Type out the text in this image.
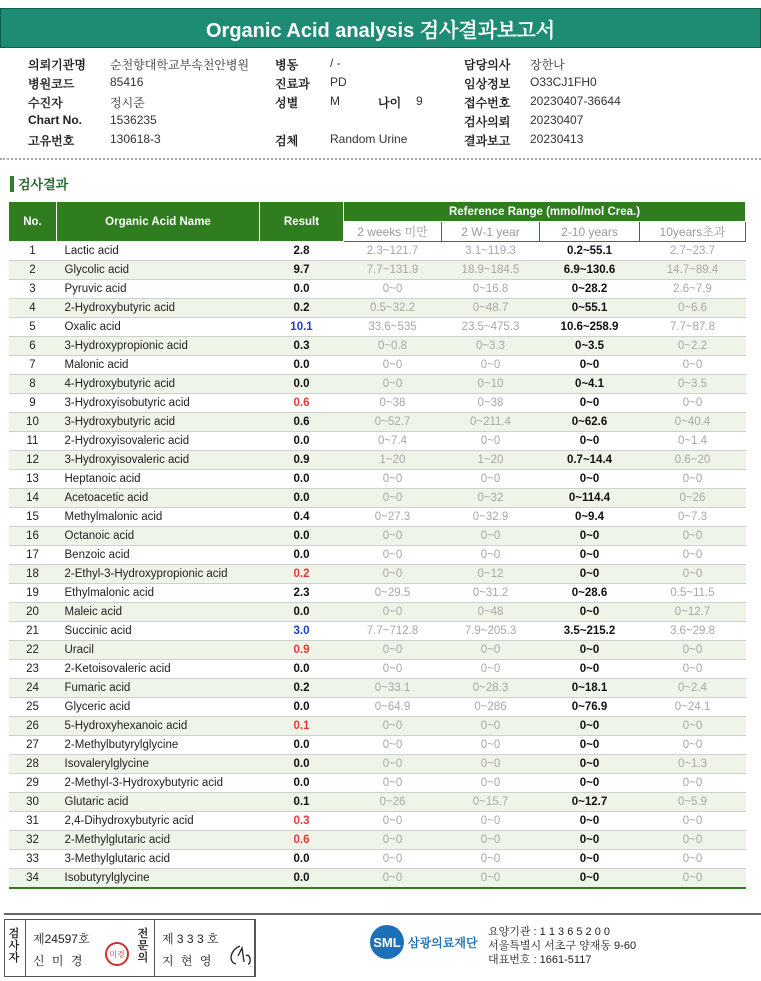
Organic Acid analysis 검사결과보고서
의뢰기관명 순천향대학교부속천안병원
병원코드	85416
수진자	정시준
Chart No. 1536235
고유번호	130618-3
병동	/ -
진료과 PD
성별	M
검체	Random Urine
담당의사 장한나
임상정보 O33CJ1FH0
접수번호 20230407-36644
검사의뢰 20230407
결과보고 20230413
나이 9
검사결과
No.	Organic Acid Name	Result	Reference Range (mmol/mol Crea.)			
			2 weeks 미만	2 W-1 year	2-10 years	10years초과
1	Lactic acid	2.8	2.3~121.7	3.1~119.3	0.2~55.1	2.7~23.7
2	Glycolic acid	9.7	7.7~131.9	18.9~184.5	6.9~130.6	14.7~89.4
3	Pyruvic acid	0.0	0~0	0~16.8	0~28.2	2.6~7.9
4	2-Hydroxybutyric acid	0.2	0.5~32.2	0~48.7	0~55.1	0~6.6
5	Oxalic acid	10.1	33.6~535	23.5~475.3	10.6~258.9	7.7~87.8
6	3-Hydroxypropionic acid	0.3	0~0.8	0~3.3	0~3.5	0~2.2
7	Malonic acid	0.0	0~0	0~0	0~0	0~0
8	4-Hydroxybutyric acid	0.0	0~0	0~10	0~4.1	0~3.5
9	3-Hydroxyisobutyric acid	0.6	0~38	0~38	0~0	0~0
10	3-Hydroxybutyric acid	0.6	0~52.7	0~211.4	0~62.6	0~40.4
11	2-Hydroxyisovaleric acid	0.0	0~7.4	0~0	0~0	0~1.4
12	3-Hydroxyisovaleric acid	0.9	1~20	1~20	0.7~14.4	0.6~20
13	Heptanoic acid	0.0	0~0	0~0	0~0	0~0
14	Acetoacetic acid	0.0	0~0	0~32	0~114.4	0~26
15	Methylmalonic acid	0.4	0~27.3	0~32.9	0~9.4	0~7.3
16	Octanoic acid	0.0	0~0	0~0	0~0	0~0
17	Benzoic acid	0.0	0~0	0~0	0~0	0~0
18	2-Ethyl-3-Hydroxypropionic acid	0.2	0~0	0~12	0~0	0~0
19	Ethylmalonic acid	2.3	0~29.5	0~31.2	0~28.6	0.5~11.5
20	Maleic acid	0.0	0~0	0~48	0~0	0~12.7
21	Succinic acid	3.0	7.7~712.8	7.9~205.3	3.5~215.2	3.6~29.8
22	Uracil	0.9	0~0	0~0	0~0	0~0
23	2-Ketoisovaleric acid	0.0	0~0	0~0	0~0	0~0
24	Fumaric acid	0.2	0~33.1	0~28.3	0~18.1	0~2.4
25	Glyceric acid	0.0	0~64.9	0~286	0~76.9	0~24.1
26	5-Hydroxyhexanoic acid	0.1	0~0	0~0	0~0	0~0
27	2-Methylbutyrylglycine	0.0	0~0	0~0	0~0	0~0
28	Isovalerylglycine	0.0	0~0	0~0	0~0	0~1.3
29	2-Methyl-3-Hydroxybutyric acid	0.0	0~0	0~0	0~0	0~0
30	Glutaric acid	0.1	0~26	0~15.7	0~12.7	0~5.9
31	2,4-Dihydroxybutyric acid	0.3	0~0	0~0	0~0	0~0
32	2-Methylglutaric acid	0.6	0~0	0~0	0~0	0~0
33	3-Methylglutaric acid	0.0	0~0	0~0	0~0	0~0
34	Isobutyrylglycine	0.0	0~0	0~0	0~0	0~0
검사자
제24597호
신 미 경	미경
전문의
제 3 3 3 호
지 현 영
SML 삼광의료재단
요양기관 : 1 1 3 6 5 2 0 0
서울특별시 서초구 양재동 9-60
대표번호 : 1661-5117
